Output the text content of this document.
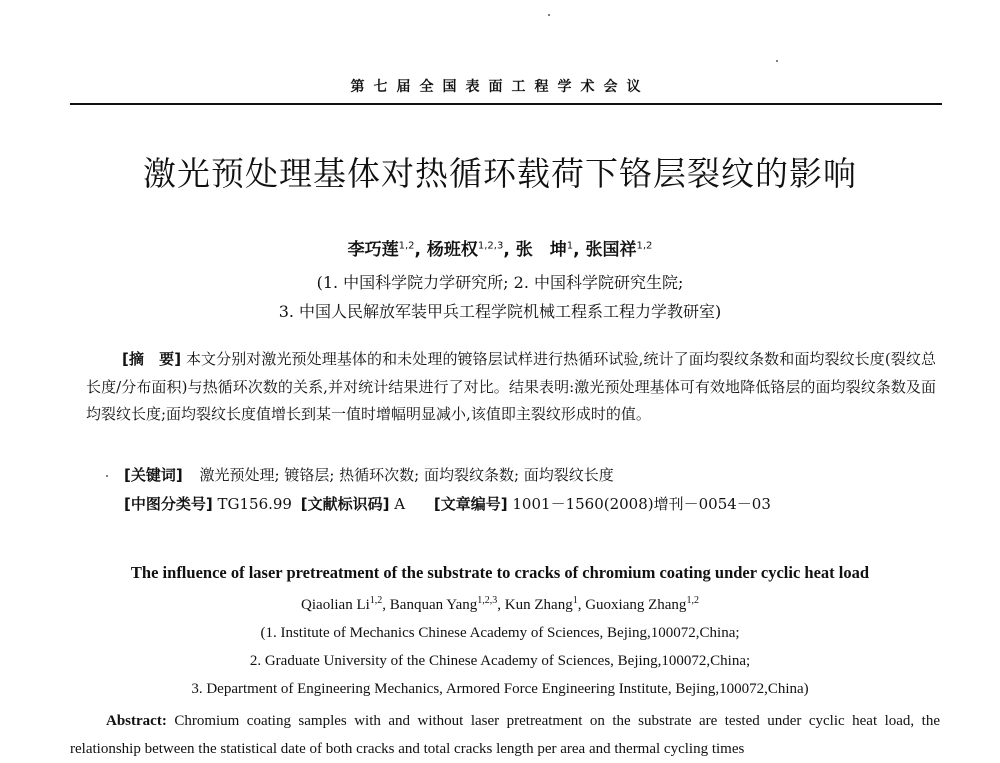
第七届全国表面工程学术会议
激光预处理基体对热循环载荷下铬层裂纹的影响
李巧莲$^{1,2}$, 杨班权$^{1,2,3}$, 张　坤$^1$, 张国祥$^{1,2}$
(1. 中国科学院力学研究所; 2. 中国科学院研究生院;
3. 中国人民解放军装甲兵工程学院机械工程系工程力学教研室)
[摘　要] 本文分别对激光预处理基体的和未处理的镀铬层试样进行热循环试验,统计了面均裂纹条数和面均裂纹长度(裂纹总长度/分布面积)与热循环次数的关系,并对统计结果进行了对比。结果表明:激光预处理基体可有效地降低铬层的面均裂纹条数及面均裂纹长度;面均裂纹长度值增长到某一值时增幅明显减小,该值即主裂纹形成时的值。
[关键词] 激光预处理; 镀铬层; 热循环次数; 面均裂纹条数; 面均裂纹长度
[中图分类号] TG156.99 [文献标识码] A [文章编号] 1001－1560(2008)增刊－0054－03
The influence of laser pretreatment of the substrate to cracks of chromium coating under cyclic heat load
Qiaolian Li$^{1,2}$, Banquan Yang$^{1,2,3}$, Kun Zhang$^1$, Guoxiang Zhang$^{1,2}$
(1. Institute of Mechanics Chinese Academy of Sciences, Bejing,100072,China;
2. Graduate University of the Chinese Academy of Sciences, Bejing,100072,China;
3. Department of Engineering Mechanics, Armored Force Engineering Institute, Bejing,100072,China)
Abstract: Chromium coating samples with and without laser pretreatment on the substrate are tested under cyclic heat load, the relationship between the statistical date of both cracks and total cracks length per area and thermal cycling times
